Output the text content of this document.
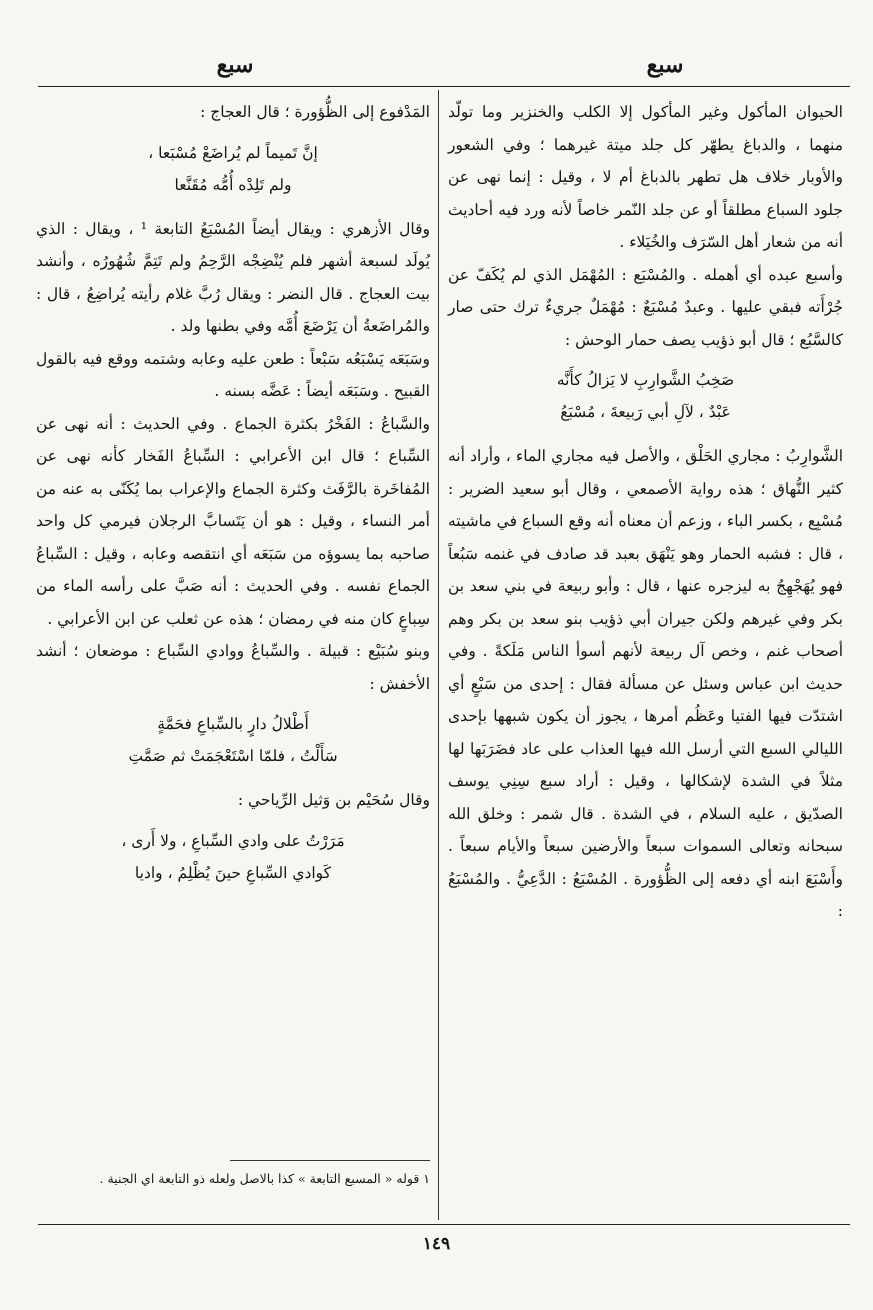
سبع
سبع

الحيوان المأكول وغير المأكول إلا الكلب والخنزير وما تولّد منهما ، والدباغ يطهّر كل جلد ميتة غيرهما ؛ وفي الشعور والأوبار خلاف هل تطهر بالدباغ أم لا ، وقيل : إنما نهى عن جلود السباع مطلقاً أو عن جلد النّمر خاصاً لأنه ورد فيه أحاديث أنه من شعار أهل السّرَف والخُيَلاء .

وأسبع عبده أي أهمله . والمُسْبَع : المُهْمَل الذي لم يُكَفّ عن جُرْأَته فبقي عليها . وعبدٌ مُسْبَعٌ : مُهْمَلٌ جريءٌ ترك حتى صار كالسَّبُع ؛ قال أبو ذؤيب يصف حمار الوحش :

صَخِبُ الشَّوارِبِ لا يَزالُ كأَنَّه
عَبْدٌ ، لآلِ أبي رَبيعةَ ، مُسْبَعُ

الشَّوارِبُ : مجاري الحَلْق ، والأصل فيه مجاري الماء ، وأراد أنه كثير النُّهاق ؛ هذه رواية الأصمعي ، وقال أبو سعيد الضرير : مُسْبِع ، بكسر الباء ، وزعم أن معناه أنه وقع السباع في ماشيته ، قال : فشبه الحمار وهو يَنْهَق بعبد قد صادف في غنمه سَبُعاً فهو يُهَجْهِجُ به ليزجره عنها ، قال : وأبو ربيعة في بني سعد بن بكر وفي غيرهم ولكن جيران أبي ذؤيب بنو سعد بن بكر وهم أصحاب غنم ، وخص آل ربيعة لأنهم أسوأ الناس مَلَكةً . وفي حديث ابن عباس وسئل عن مسألة فقال : إحدى من سَبْعٍ أي اشتدّت فيها الفتيا وعَظُم أمرها ، يجوز أن يكون شبهها بإحدى الليالي السبع التي أرسل الله فيها العذاب على عاد فضَرَبَها لها مثلاً في الشدة لإشكالها ، وقيل : أراد سبع سِنِي يوسف الصدّيق ، عليه السلام ، في الشدة . قال شمر : وخلق الله سبحانه وتعالى السموات سبعاً والأرضين سبعاً والأيام سبعاً . وأَسْبَعَ ابنه أي دفعه إلى الظُّؤورة . المُسْبَعُ : الدَّعِيُّ . والمُسْبَعُ :

المَدْفوع إلى الظُّؤورة ؛ قال العجاج :

إنَّ تَميماً لم يُراضَعْ مُسْبَعا ،
ولم تَلِدْه أُمُّه مُقَنَّعا

وقال الأزهري : ويقال أيضاً المُسْبَعُ التابعة ¹ ، ويقال : الذي يُولَد لسبعة أشهر فلم يُنْضِجْه الرَّحِمُ ولم تَتِمَّ شُهُورُه ، وأنشد بيت العجاج . قال النضر : ويقال رُبَّ غلام رأيته يُراضِعُ ، قال : والمُراضَعةُ أن يَرْضَعَ أُمَّه وفي بطنها ولد .

وسَبَعَه يَسْبَعُه سَبْعاً : طعن عليه وعابه وشتمه ووقع فيه بالقول القبيح . وسَبَعَه أيضاً : عَضَّه بسنه .

والسَّباعُ : الفَخْرُ بكثرة الجماع . وفي الحديث : أنه نهى عن السِّباع ؛ قال ابن الأعرابي : السِّباعُ الفَخار كأنه نهى عن المُفاخَرة بالرَّفَث وكثرة الجماع والإعراب بما يُكَنّى به عنه من أمر النساء ، وقيل : هو أن يَتَسابَّ الرجلان فيرمي كل واحد صاحبه بما يسوؤه من سَبَعَه أي انتقصه وعابه ، وقيل : السِّباعُ الجماع نفسه . وفي الحديث : أنه صَبَّ على رأسه الماء من سِباعٍ كان منه في رمضان ؛ هذه عن ثعلب عن ابن الأعرابي .

وبنو سُبَيْع : قبيلة . والسِّباعُ ووادي السِّباع : موضعان ؛ أنشد الأخفش :

أَطْلالُ دارٍ بالسِّباعِ فحَمَّةٍ
سَأَلْتُ ، فلمّا اسْتَعْجَمَتْ ثم صَمَّتِ

وقال سُحَيْم بن وَثيل الرِّياحي :

مَرَرْتُ على وادي السِّباعِ ، ولا أَرى ،
كَوادي السِّباعِ حينَ يُظْلِمُ ، واديا
١ قوله « المسبع التابعة » كذا بالاصل ولعله ذو التابعة اي الجنية .
١٤٩
